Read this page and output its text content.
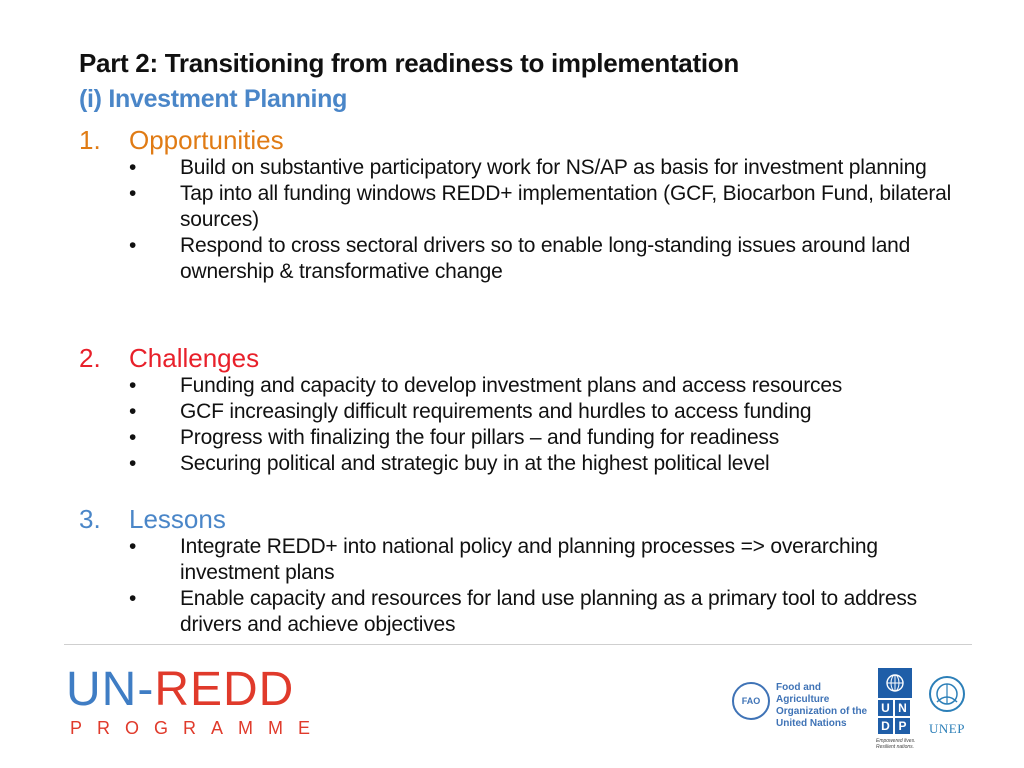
Part 2: Transitioning from readiness to implementation
(i) Investment Planning
1.	Opportunities
•	Build on substantive participatory work for NS/AP as basis for investment planning
•	Tap into all funding windows REDD+ implementation (GCF, Biocarbon Fund, bilateral sources)
•	Respond to cross sectoral drivers so to enable long-standing issues around land ownership & transformative change
2.	Challenges
•	Funding and capacity to develop investment plans and access resources
•	GCF increasingly difficult requirements and hurdles to access funding
•	Progress with finalizing the four pillars – and funding for readiness
•	Securing political and strategic buy in at the highest political level
3.	Lessons
•	Integrate REDD+ into national policy and planning processes => overarching investment plans
•	Enable capacity and resources for land use planning as a primary tool to address drivers and achieve objectives
UN-REDD
PROGRAMME
FAO
Food and Agriculture Organization of the United Nations
U N
D P
Empowered lives. Resilient nations.
UNEP
